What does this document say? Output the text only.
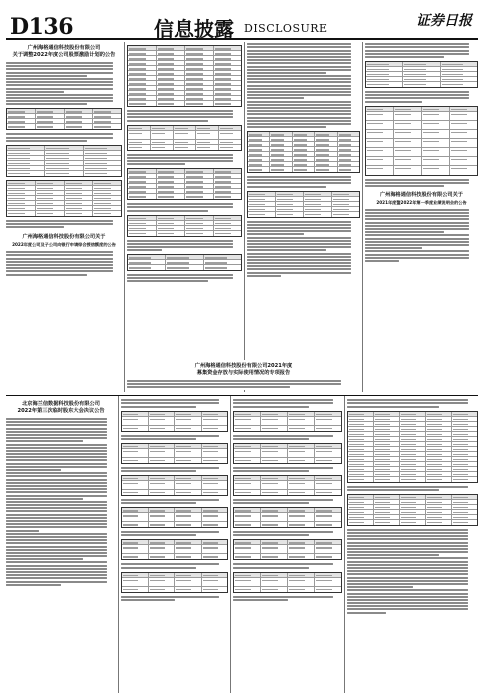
D136	信息披露 DISCLOSURE	证券日报
广州海格通信科技股份有限公司
关于调整2022年度公司股票激励计划的公告
广州海格通信科技股份有限公司关于
2022年度公司及子公司向银行申请综合授信额度的公告
广州海格通信科技股份有限公司关于
2021年度暨2022年第一季度业绩说明会的公告
广州海格通信科技股份有限公司2021年度
募集资金存放与实际使用情况的专项报告
北京海兰信数据科技股份有限公司
2022年第三次临时股东大会决议公告
